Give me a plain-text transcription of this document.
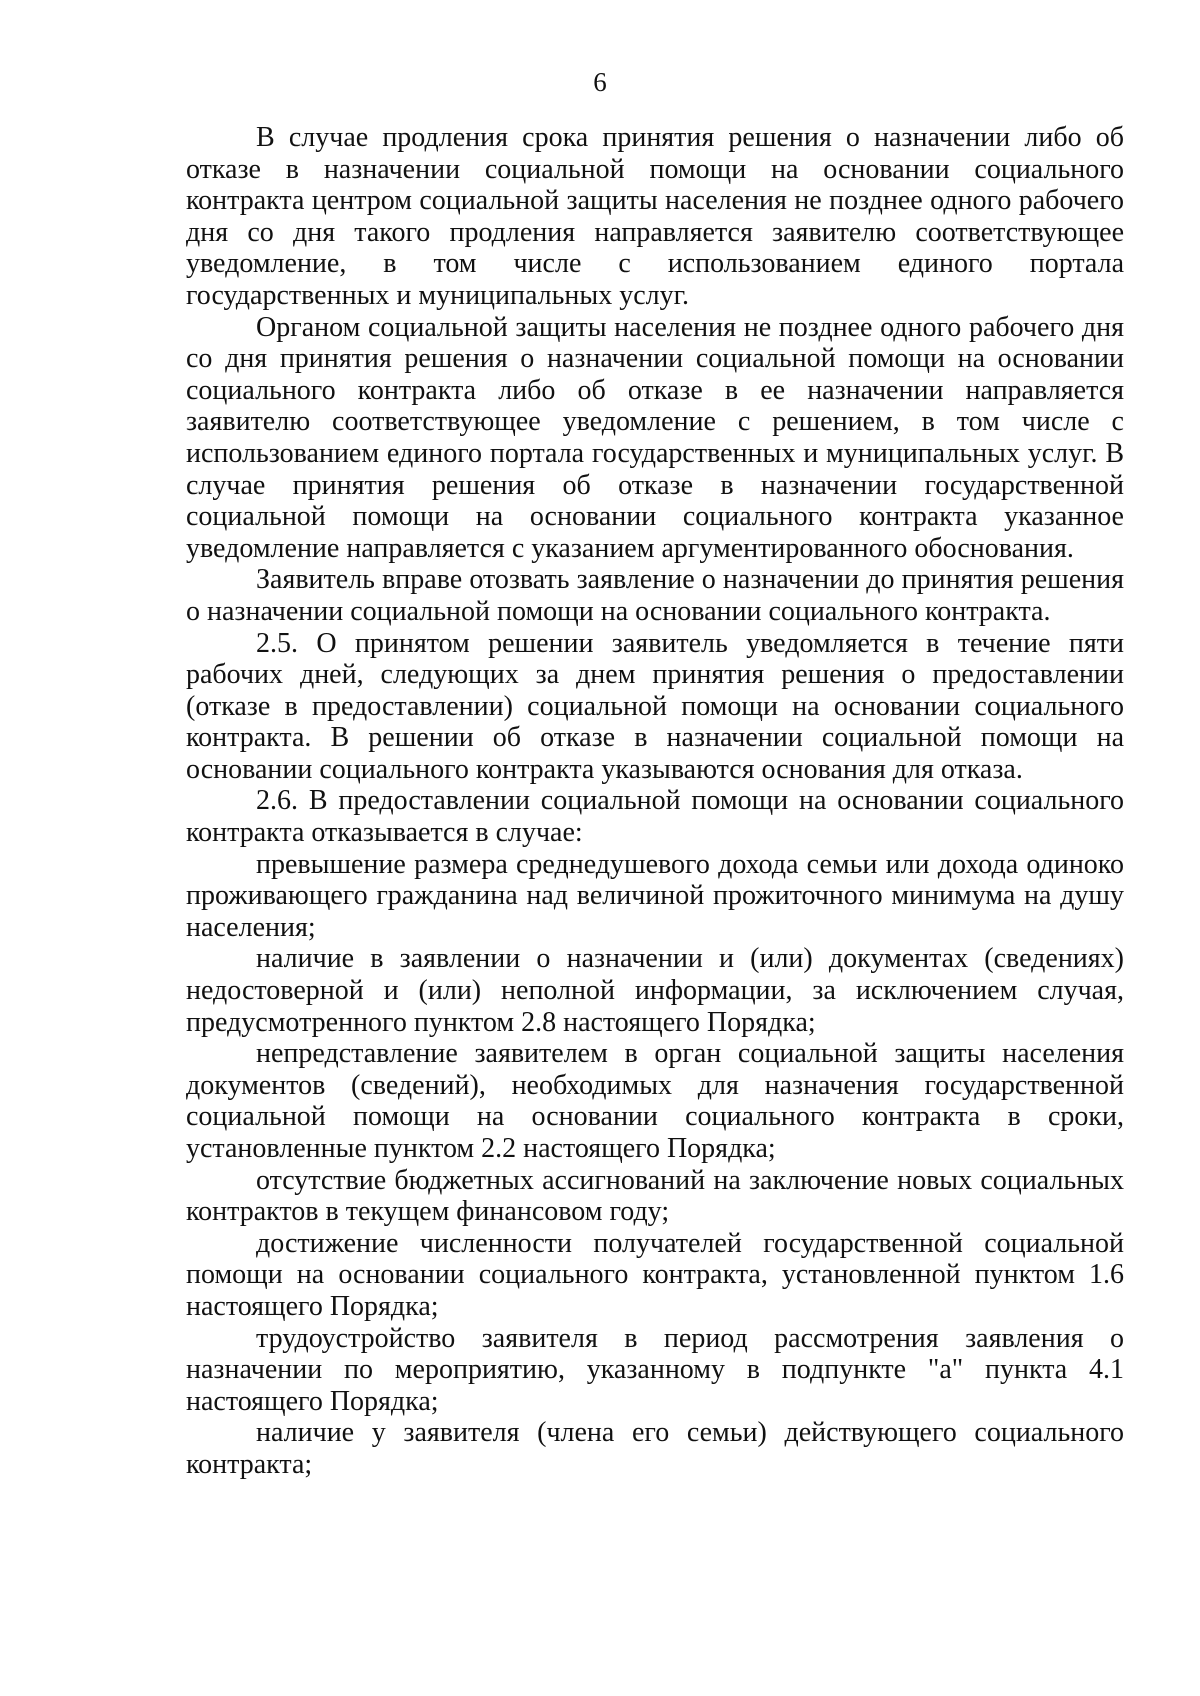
6

В случае продления срока принятия решения о назначении либо об отказе в назначении социальной помощи на основании социального контракта центром социальной защиты населения не позднее одного рабочего дня со дня такого продления направляется заявителю соответствующее уведомление, в том числе с использованием единого портала государственных и муниципальных услуг.

Органом социальной защиты населения не позднее одного рабочего дня со дня принятия решения о назначении социальной помощи на основании социального контракта либо об отказе в ее назначении направляется заявителю соответствующее уведомление с решением, в том числе с использованием единого портала государственных и муниципальных услуг. В случае принятия решения об отказе в назначении государственной социальной помощи на основании социального контракта указанное уведомление направляется с указанием аргументированного обоснования.

Заявитель вправе отозвать заявление о назначении до принятия решения о назначении социальной помощи на основании социального контракта.

2.5. О принятом решении заявитель уведомляется в течение пяти рабочих дней, следующих за днем принятия решения о предоставлении (отказе в предоставлении) социальной помощи на основании социального контракта. В решении об отказе в назначении социальной помощи на основании социального контракта указываются основания для отказа.

2.6. В предоставлении социальной помощи на основании социального контракта отказывается в случае:

превышение размера среднедушевого дохода семьи или дохода одиноко проживающего гражданина над величиной прожиточного минимума на душу населения;

наличие в заявлении о назначении и (или) документах (сведениях) недостоверной и (или) неполной информации, за исключением случая, предусмотренного пунктом 2.8 настоящего Порядка;

непредставление заявителем в орган социальной защиты населения документов (сведений), необходимых для назначения государственной социальной помощи на основании социального контракта в сроки, установленные пунктом 2.2 настоящего Порядка;

отсутствие бюджетных ассигнований на заключение новых социальных контрактов в текущем финансовом году;

достижение численности получателей государственной социальной помощи на основании социального контракта, установленной пунктом 1.6 настоящего Порядка;

трудоустройство заявителя в период рассмотрения заявления о назначении по мероприятию, указанному в подпункте "а" пункта 4.1 настоящего Порядка;

наличие у заявителя (члена его семьи) действующего социального контракта;
